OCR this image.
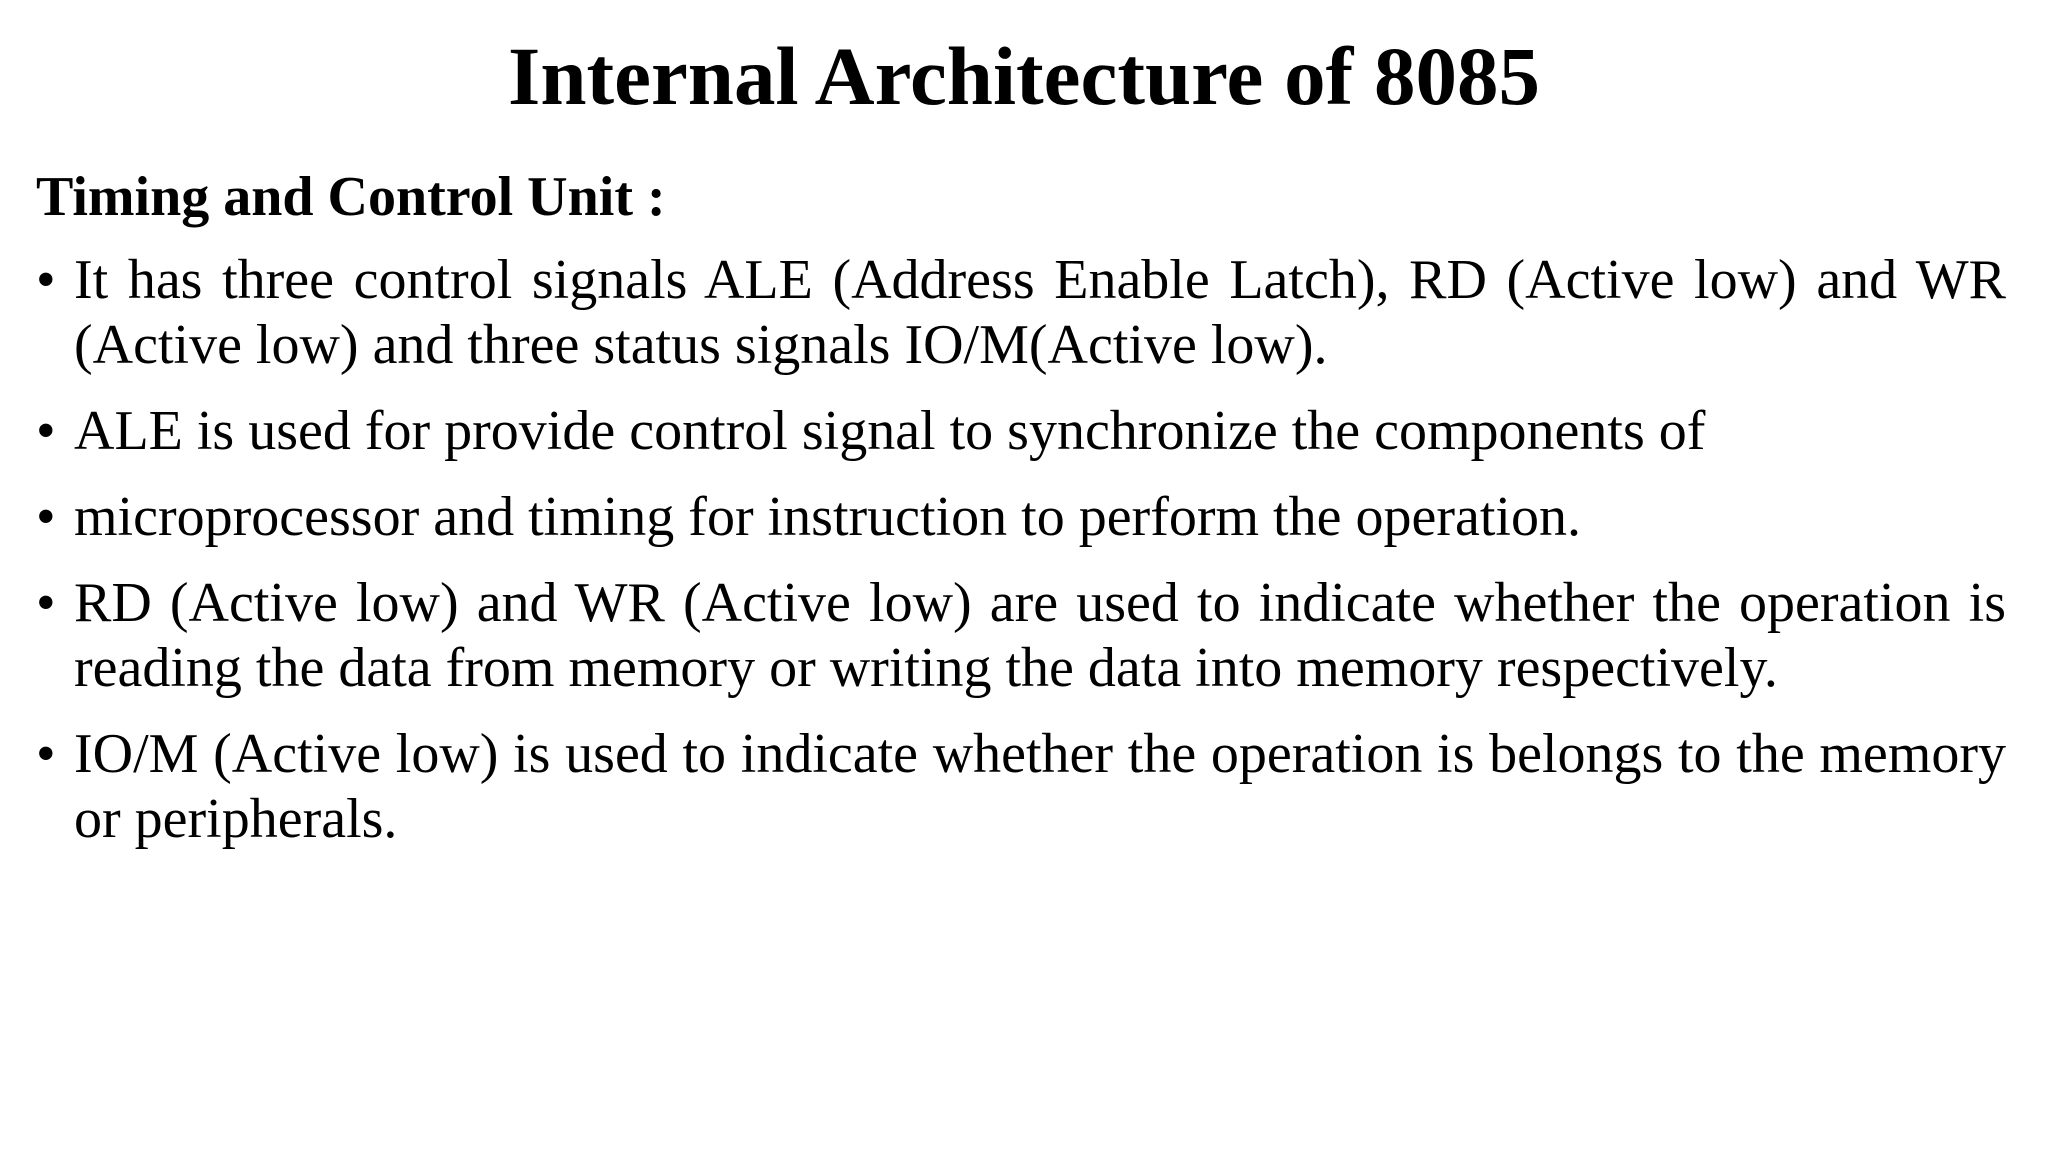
Internal Architecture of 8085
Timing and Control Unit :
• It has three control signals ALE (Address Enable Latch), RD (Active low) and WR (Active low) and three status signals IO/M(Active low).
• ALE is used for provide control signal to synchronize the components of
• microprocessor and timing for instruction to perform the operation.
• RD (Active low) and WR (Active low) are used to indicate whether the operation is reading the data from memory or writing the data into memory respectively.
• IO/M (Active low) is used to indicate whether the operation is belongs to the memory or peripherals.
